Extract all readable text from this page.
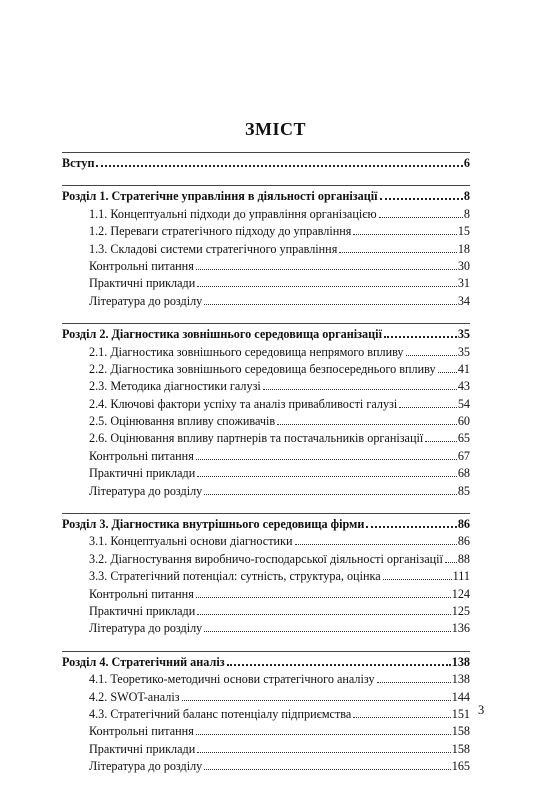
ЗМІСТ
Вступ	6
Розділ 1. Стратегічне управління в діяльності організації	8
1.1. Концептуальні підходи до управління організацією	8
1.2. Переваги стратегічного підходу до управління	15
1.3. Складові системи стратегічного управління	18
Контрольні питання	30
Практичні приклади	31
Література до розділу	34
Розділ 2. Діагностика зовнішнього середовища організації	35
2.1. Діагностика зовнішнього середовища непрямого впливу	35
2.2. Діагностика зовнішнього середовища безпосереднього впливу 41
2.3. Методика діагностики галузі	43
2.4. Ключові фактори успіху та аналіз привабливості галузі	54
2.5. Оцінювання впливу споживачів	60
2.6. Оцінювання впливу партнерів та постачальників організації	65
Контрольні питання	67
Практичні приклади	68
Література до розділу	85
Розділ 3. Діагностика внутрішнього середовища фірми	86
3.1. Концептуальні основи діагностики	86
3.2. Діагностування виробничо-господарської діяльності організації 88
3.3. Стратегічний потенціал: сутність, структура, оцінка	111
Контрольні питання	124
Практичні приклади	125
Література до розділу	136
Розділ 4. Стратегічний аналіз	138
4.1. Теоретико-методичні основи стратегічного аналізу	138
4.2. SWOT-аналіз	144
4.3. Стратегічний баланс потенціалу підприємства	151
Контрольні питання	158
Практичні приклади	158
Література до розділу	165
3
